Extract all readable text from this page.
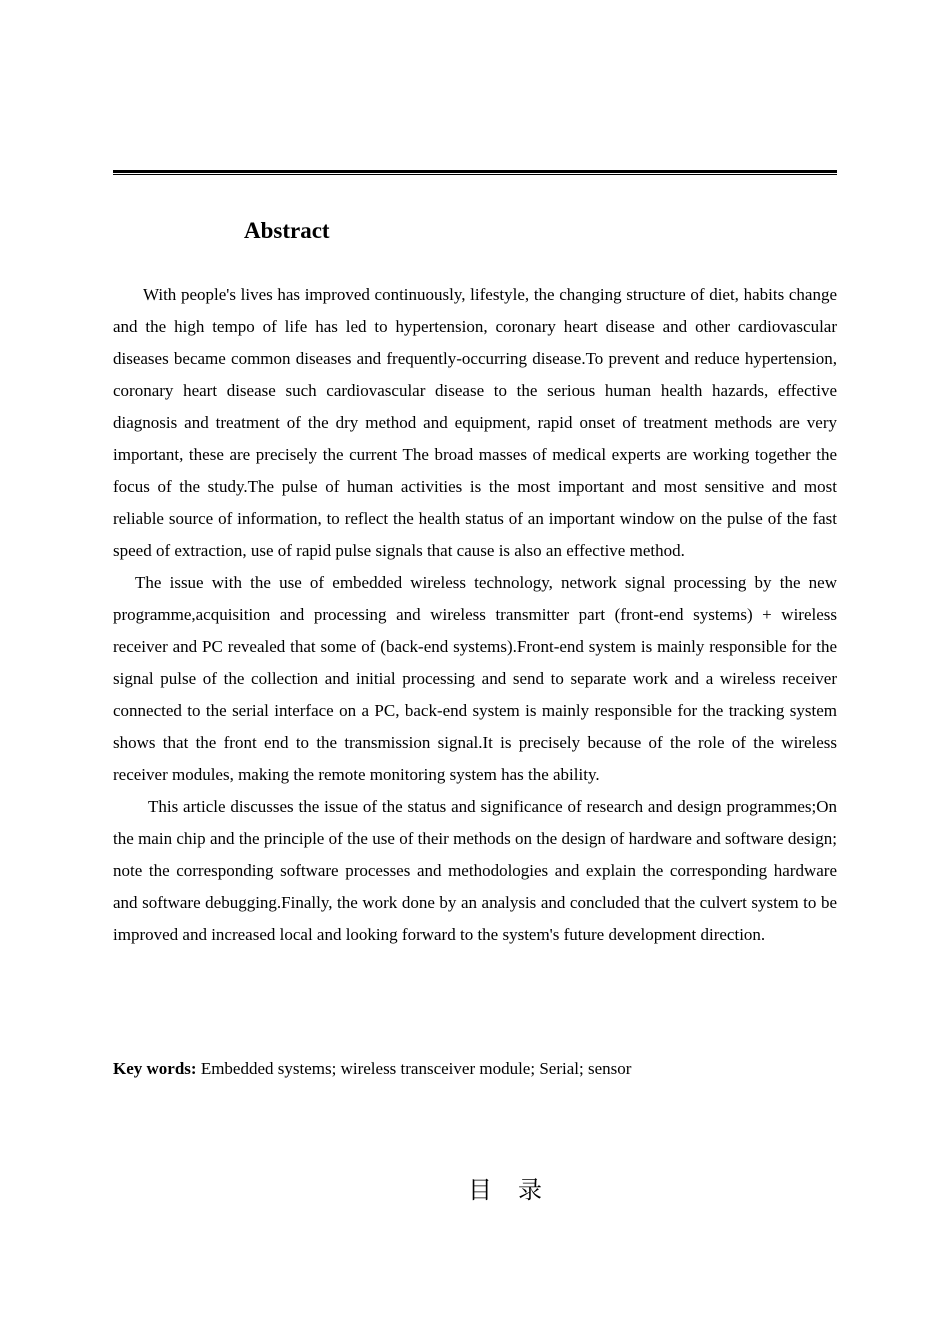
Abstract

With people's lives has improved continuously, lifestyle, the changing structure of diet, habits change and the high tempo of life has led to hypertension, coronary heart disease and other cardiovascular diseases became common diseases and frequently-occurring disease.To prevent and reduce hypertension, coronary heart disease such cardiovascular disease to the serious human health hazards, effective diagnosis and treatment of the dry method and equipment, rapid onset of treatment methods are very important, these are precisely the current The broad masses of medical experts are working together the focus of the study.The pulse of human activities is the most important and most sensitive and most reliable source of information, to reflect the health status of an important window on the pulse of the fast speed of extraction, use of rapid pulse signals that cause is also an effective method.

The issue with the use of embedded wireless technology, network signal processing by the new programme,acquisition and processing and wireless transmitter part (front-end systems) + wireless receiver and PC revealed that some of (back-end systems).Front-end system is mainly responsible for the signal pulse of the collection and initial processing and send to separate work and a wireless receiver connected to the serial interface on a PC, back-end system is mainly responsible for the tracking system shows that the front end to the transmission signal.It is precisely because of the role of the wireless receiver modules, making the remote monitoring system has the ability.

This article discusses the issue of the status and significance of research and design programmes;On the main chip and the principle of the use of their methods on the design of hardware and software design; note the corresponding software processes and methodologies and explain the corresponding hardware and software debugging.Finally, the work done by an analysis and concluded that the culvert system to be improved and increased local and looking forward to the system's future development direction.

Key words: Embedded systems; wireless transceiver module; Serial; sensor

目录
